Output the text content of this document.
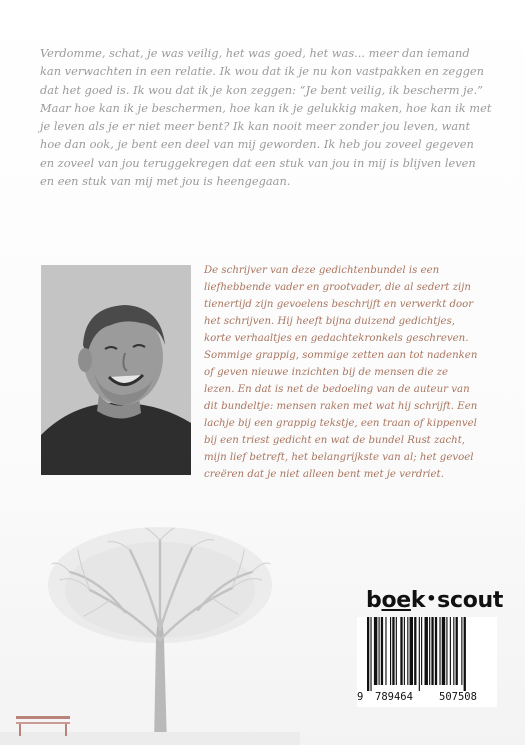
Verdomme, schat, je was veilig, het was goed, het was... meer dan iemand
kan verwachten in een relatie. Ik wou dat ik je nu kon vastpakken en zeggen
dat het goed is. Ik wou dat ik je kon zeggen: “Je bent veilig, ik bescherm je.”
Maar hoe kan ik je beschermen, hoe kan ik je gelukkig maken, hoe kan ik met
je leven als je er niet meer bent? Ik kan nooit meer zonder jou leven, want
hoe dan ook, je bent een deel van mij geworden. Ik heb jou zoveel gegeven
en zoveel van jou teruggekregen dat een stuk van jou in mij is blijven leven
en een stuk van mij met jou is heengegaan.
De schrijver van deze gedichtenbundel is een
liefhebbende vader en grootvader, die al sedert zijn
tienertijd zijn gevoelens beschrijft en verwerkt door
het schrijven. Hij heeft bijna duizend gedichtjes,
korte verhaaltjes en gedachtekronkels geschreven.
Sommige grappig, sommige zetten aan tot nadenken
of geven nieuwe inzichten bij de mensen die ze
lezen. En dat is net de bedoeling van de auteur van
dit bundeltje: mensen raken met wat hij schrijft. Een
lachje bij een grappig tekstje, een traan of kippenvel
bij een triest gedicht en wat de bundel Rust zacht,
mijn lief betreft, het belangrijkste van al; het gevoel
creëren dat je niet alleen bent met je verdriet.
boek•scout
9 789464 507508
